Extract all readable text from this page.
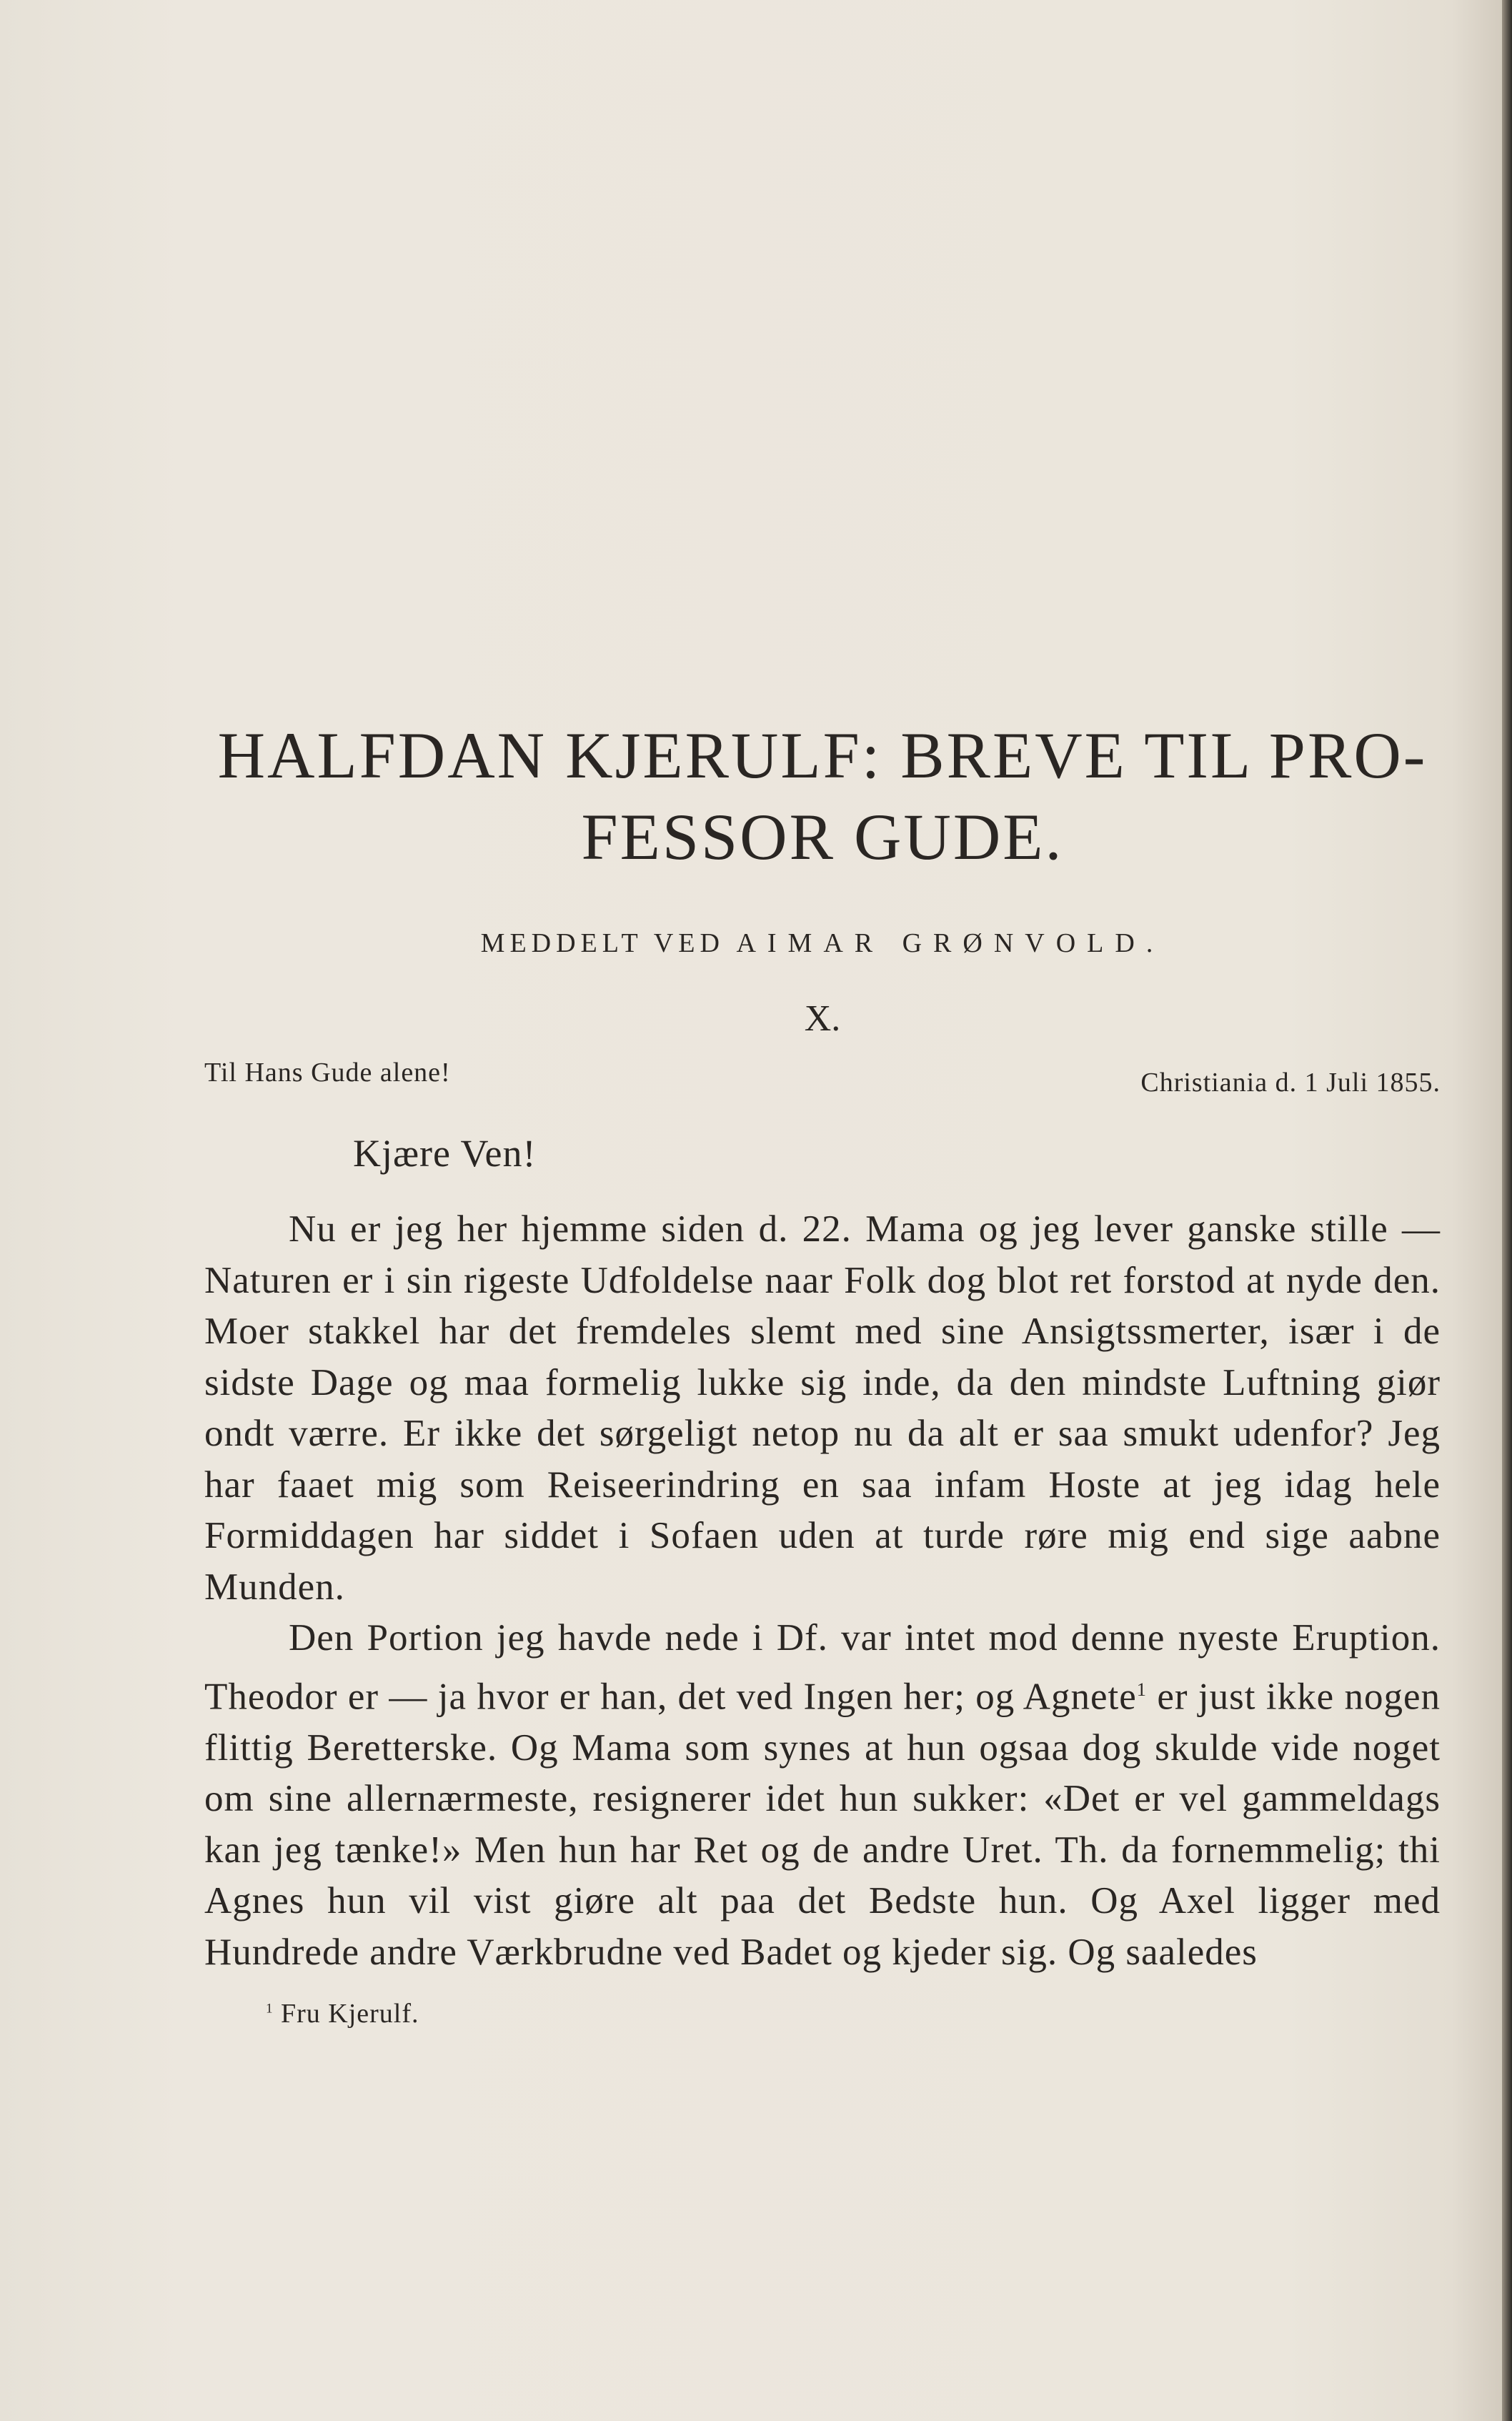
HALFDAN KJERULF: BREVE TIL PRO-
FESSOR GUDE.
MEDDELT VED AIMAR GRØNVOLD.
X.
Til Hans Gude alene!	Christiania d. 1 Juli 1855.
Kjære Ven!

Nu er jeg her hjemme siden d. 22. Mama og jeg lever ganske stille — Naturen er i sin rigeste Udfoldelse naar Folk dog blot ret forstod at nyde den. Moer stakkel har det fremdeles slemt med sine Ansigtssmerter, især i de sidste Dage og maa formelig lukke sig inde, da den mindste Luftning giør ondt værre. Er ikke det sørgeligt netop nu da alt er saa smukt udenfor? Jeg har faaet mig som Reiseerindring en saa infam Hoste at jeg idag hele Formiddagen har siddet i Sofaen uden at turde røre mig end sige aabne Munden.

Den Portion jeg havde nede i Df. var intet mod denne nyeste Eruption. Theodor er — ja hvor er han, det ved Ingen her; og Agnete$^1$ er just ikke nogen flittig Beretterske. Og Mama som synes at hun ogsaa dog skulde vide noget om sine allernærmeste, resignerer idet hun sukker: «Det er vel gammeldags kan jeg tænke!» Men hun har Ret og de andre Uret. Th. da fornemmelig; thi Agnes hun vil vist giøre alt paa det Bedste hun. Og Axel ligger med Hundrede andre Værkbrudne ved Badet og kjeder sig. Og saaledes

$^1$ Fru Kjerulf.
